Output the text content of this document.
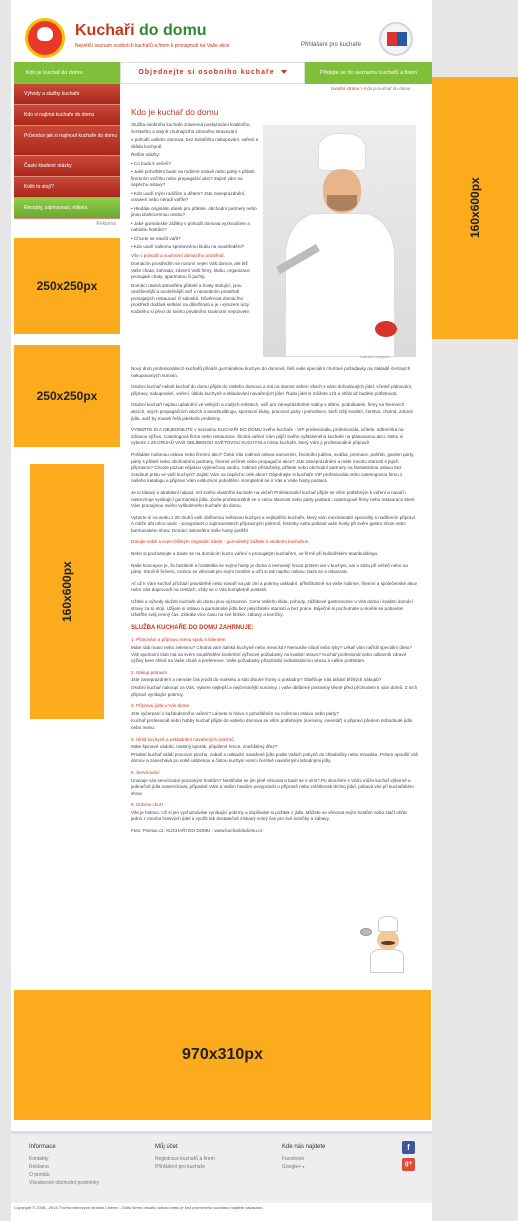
Kuchaři do domu
Největší seznam osobních kuchařů a firem k pronajmutí na Vaše akce	Přihlášení pro kuchaře
Kdo je kuchař do domu	Objednejte si osobního kuchaře	Přidejte se do seznamu kuchařů a firem
Výhody a služby kuchaře
Kdo si najímá kuchaře do domu
Průvodce jak si najmout kuchaře do domu
Často kladené otázky
Kolik to stojí?
Recepty, zajímavosti, etiketa
Reklama	160x600px
250x250px
250x250px
160x600px
970x310px
Úvodní strana > Kdo je kuchař do domu
Kdo je kuchař do domu

Služba osobního kuchaře znamená poskytování kvalitního, čerstvého a stejně chutnajícího zdravého stravování

v pohodlí vašeho domova, bez kolotěčku nakupování, vaření a úklidu kuchyně.

Řešíte otázky:

• Co budu k večeři?

• Jaké pohoštění bude na rodinné oslavě nebo párty s přáteli, firemním večírku nebo propagační akci? Zajistí vám na úspěchu oslavy?

• Kdo uvaří mým rodičům a dětem? Jste zaneprázdnění, unavení nebo neradi vaříte?

• Hledáte originální dárek pro přátele, obchodní partnery nebo jinou drahocennou osobu?

• Jaké gurmánské zážitky v pohodlí domova vyzkoušíme a nabídnu hostům?

• Chcete se naučit vařit?

• Kdo uvaří našemu sportovnímu klubu na soustředění?

Vše v pohodlí a soukromí domácího prostředí.

Domácím prostředím se rozumí nejen Váš domov, ale též Vaše chata, zahrada, zázemí Vaší firmy, klubu, organizace, pronajaté chaty, apartmánu či jachty.

Domácí útulná atmosféra přátelé a hosty stolující, jsou osvěženější a uvolněnější než v neosobním prostředí pronajatých restaurací či salonků. Důvěrnost domácího prostředí dodává setkání na důležitosti a je i výrazem úcty. Každého si přeci do svého privátního soukromí nepozvete.

Ilustrační fotografie

Nový druh profesionálních kuchařů přináší gurmánskou kuchyni do domovů, řeší vaše speciální chuťové požadavky na základě čerstvých nakupovaných surovin.

Osobní kuchař neboli kuchař do domu přijde do Vašeho domova a má na starost vaření všech s vámi dohodnutých jídel, včetně plánování, přípravy, nakupování, vaření, úklidu kuchyně a skladování navařených jídel. Řadu jídel si můžete vzít a ohřát až budete potřebovat.

Osobní kuchaři nejdou uplatnění ve velkých a malých městech, vaří pro zaneprázdněné rodiny s dětmi, podnikatele, firmy na firemních akcích, svých propagačních akcích a teambuildingu, sportovní kluby, pracovní party i jednotlivce, kteří ctějí kvalitní, čerstvá, chutná, zdravá jídla, aniž by museli řešit jakékoliv problémy.

VYBERTE SI A OBJEDNEJTE v seznamu KUCHAŘI DO DOMU svého kuchaře - VIP profesionála, profesionála, učitele, odborníka na zdravou výživu. Cateringová firma nebo restaurace. Široká vaření Vám půjčí svého vyškoleného kuchaře na plánovanou akci. Nebo si vyberte z 25 DRUHŮ VAŠI OBLÍBENOU SVĚTOVOU KUCHYNI a místa kuchaře, který Vám ji profesionálně připraví!

Pořádáte rodinnou oslavu nebo firemní akci? Čeká Vás rodinná oslava narozenin, životního jubilea, svatba, promoce, pohřeb, garden párty, párty s přáteli nebo obchodními partnery, firemní večírek nebo propagační akce? Jste zaneprázdnění a máte mnoho starostí s jejich přípravou? Chcete pozvat nějakou výjimečnou osobu, rodinné příslušníky, přátele nebo obchodní partnery na fantastickou oslavu bez zvednutí prstu ve vaší kuchyni? Zajistí Vám na úspěchu celé akce? Objednejte si kuchaře VIP profesionála nebo cateringovou firmu z našeho katalogu a připraví Vám exkluzivní pohoštění. Kompletně se o Vás a Vaše hosty postará.

Je to lákavý a atraktivní nápad, mít svého vlastního kuchaře na večeři Profesionální kuchař přijde se vším potřebným k vaření a navaří i naservíruje vynikající gurmánská jídla. Zcela profesionálně se o celou slavnost nebo párty postará i cateringové firmy nebo restaurace které Vám pronajmou svého vyškoleného kuchaře do domu.

Vyberte si na webu z 25 druhů vaší oblíbenou světovou kuchyni a nejlepšího kuchaře, který vám mezinárodní speciality s nadšením připraví. A může dát něco navíc - povyprávět o zajímavostech přípravných pokrmů, historky nebo pobavit vaše hosty při svém gastro show nebo barmanském show. Domácí atmosféra Vaše hosty potěší!

Darujte sobě a svým blízkým originální dárek - gurmánský zážitek s osobním kuchařem.

Nebo si pochutnejte a bavte se na domácím kurzu vaření s pronajatým kuchařem, ve firmě při kulinářském teambuildingu.

Naše koncepce je, že hostitelé a hostitelka se svými hosty je doma a nemusejí hnout prstem ani v kuchyni, ani u stolu při večeři nebo na párty. Stručně řečeno, mohou se věnovat jen svým hostům a užít si tak naplno oslavu, bavit se a relaxovat.

Ať už k Vám kuchař přichází pravidelně nebo navaří na pár dní a pokrmy uskladní, příležitostně na Vaše rodinné, firemní a společenské akce nebo Vás doprovodí na cestách, vždy se o Vás kompletně postará.

Užitek a výhody služeb kuchaře do domu jsou významné. Cena Vašeho klidu, pohody, zážitkové gastronomie u Vás doma i kvalitní domácí stravy za to stojí. Užijete si oslavu a gurmánské jídlo bez jakýchkoliv starostí a bez práce. Báječně si pochutnáte a skvěle se pobavíte! Ušetříte svůj cenný čas. Získáte více času na své blízké, zábavy a koníčky.

SLUŽBA KUCHAŘE DO DOMU ZAHRNUJE:

1. Plánování a přípravu menu spolu s klientem

Máte rádi maso nebo zeleninu? Chutná vám italská kuchyně nebo mexická? Nemusíte cibuli nebo tyky? Lékař vám nařídil speciální dietu? Váš sportovní klub má na svém soustředění konkrétní výživové požadavky na kvalitní stravu? Kuchař profesionál nebo odborník zdravé výživy bere ohled na Vaše chutě a preference. Vaše požadavky přizpůsobí individuálnímu vkusu a vašim potřebám.

2. Nákup potravin

Jste zaneprázdnění a nemáte čas jezdit do marketu a stát dlouhé fronty u pokladny? Obtěžuje Vás tahání těžkých nákupů?

Osobní kuchař nakoupí za Vás. Vybere nejlepší a nejčerstvější suroviny, i vaše oblíbené potraviny těsně před příchodem k vám domů. Z nich připraví vynikající pokrmy.

3. Přípravu jídla u Vás doma

Jste vyčerpaní z každodenního vaření? Lámete si hlavu s pohoštěním na rodinnou oslavu nebo párty?

Kuchař profesionál nebo hobby kuchař přijde do vašeho domova se vším potřebným (suroviny, inventář) a připraví předem dohodnuté jídlo nebo menu.

4. Úklid kuchyně a uskladnění navařených pokrmů

Máte špinavé nádobí, mastný sporák, připálené hrnce, znečištěný dřez?

Privátní kuchař uklidí pracovní plochu, zabalí a uskladní navařené jídlo podle Vašich pokynů do chladničky nebo mrazáku. Potom opouští váš domov a zanechává po sobě uklizenou a čistou kuchyni voníci čerstvě navařenými lahodnými jídly.

5. Servírování

Unavuje vás servírování pozvaným hostům? Nestíháte se jim plně věnovat a bavit se s nimi? Po skončení s Vámi může kuchař výborně a jedinečně jídla naservírovat, případně Vám a Vašim hostům povyprávět o přípravě nebo zvláštnosti těchto jídel, pobavit vás při kuchařském show.

6. Dobrou chuť!

Vše je hotovo. Už si jen vychutnáváte vynikající pokrmy a dopřáváte si požitek z jídla. Můžete se věnovat svým hostům nebo stačí ohřát jedno z mnoha hotových jídel a využít tak dostatečně získaný volný čas pro své koníčky a zábavy.

Foto: Pixmac.cz, KUCHAŘI DO DOMU - www.kucharidodomu.cz

Informace
Kontakty
Reklama
O portálu
Všeobecné obchodní podmínky
Můj účet
Registrace kuchařů a firem
Přihlášení pro kuchaře
Kde nás najdete
Facebook
Google+ ▾
f
g+
Copyright © 2008 - 2014 Tvorba webových stránek Liberec - Další šíření obsahu tohoto webu je bez písemného souhlasu majitele zakázáno.
